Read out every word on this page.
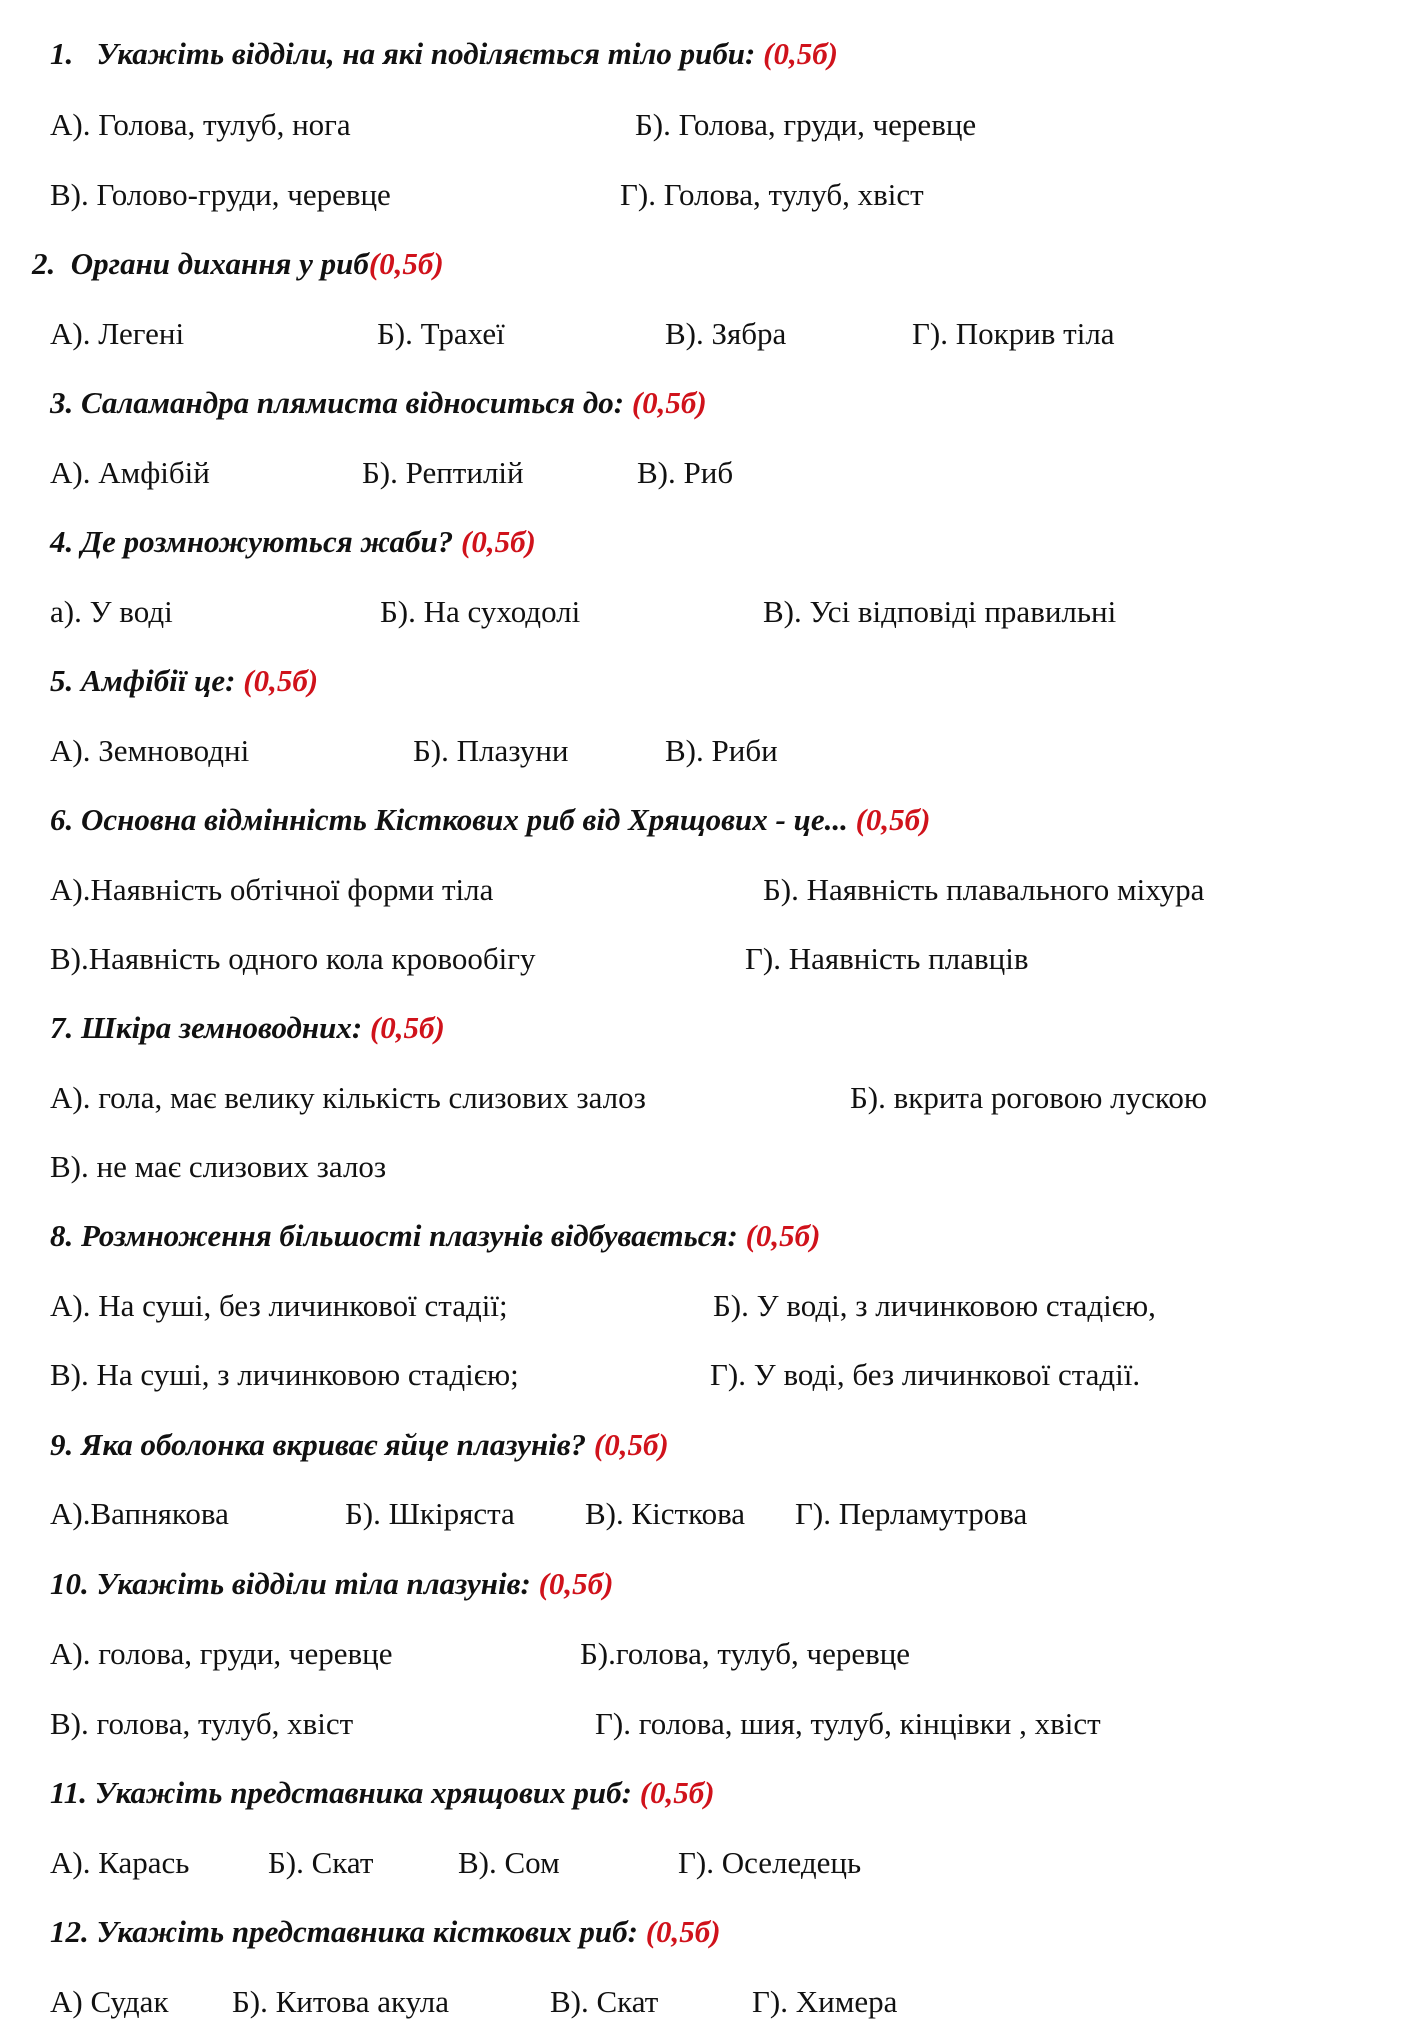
1. Укажіть відділи, на які поділяється тіло риби: (0,5б)
А). Голова, тулуб, нога	Б). Голова, груди, черевце
В). Голово-груди, черевце	Г). Голова, тулуб, хвіст
2. Органи дихання у риб(0,5б)
А). Легені	Б). Трахеї	В). Зябра	Г). Покрив тіла
3. Саламандра плямиста відноситься до: (0,5б)
А). Амфібій	Б). Рептилій	В). Риб
4. Де розмножуються жаби? (0,5б)
а). У воді	Б). На суходолі	В). Усі відповіді правильні
5. Амфібії це: (0,5б)
А). Земноводні	Б). Плазуни	В). Риби
6. Основна відмінність Кісткових риб від Хрящових - це... (0,5б)
А).Наявність обтічної форми тіла	Б). Наявність плавального міхура
В).Наявність одного кола кровообігу	Г). Наявність плавців
7. Шкіра земноводних: (0,5б)
А). гола, має велику кількість слизових залоз	Б). вкрита роговою лускою
В). не має слизових залоз
8. Розмноження більшості плазунів відбувається: (0,5б)
А). На суші, без личинкової стадії;	Б). У воді, з личинковою стадією,
В). На суші, з личинковою стадією;	Г). У воді, без личинкової стадії.
9. Яка оболонка вкриває яйце плазунів? (0,5б)
А).Вапнякова	Б). Шкіряста В). Кісткова Г). Перламутрова
10. Укажіть відділи тіла плазунів: (0,5б)
А). голова, груди, черевце	Б).голова, тулуб, черевце
В). голова, тулуб, хвіст	Г). голова, шия, тулуб, кінцівки , хвіст
11. Укажіть представника хрящових риб: (0,5б)
А). Карась	Б). Скат	В). Сом	Г). Оселедець
12. Укажіть представника кісткових риб: (0,5б)
А) Судак Б). Китова акула	В). Скат	Г). Химера
